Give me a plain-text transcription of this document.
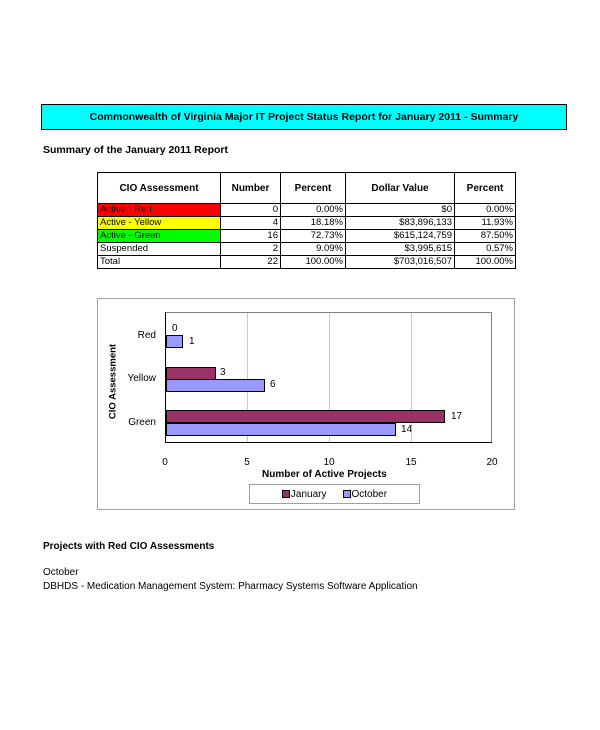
Commonwealth of Virginia Major IT Project Status Report for January 2011 - Summary
Summary of the January 2011 Report
CIO Assessment	Number	Percent	Dollar Value	Percent
Active - Red	0	0.00%	$0	0.00%
Active - Yellow	4	18.18%	$83,896,133	11.93%
Active - Green	16	72.73%	$615,124,759	87.50%
Suspended	2	9.09%	$3,995,615	0.57%
Total	22	100.00%	$703,016,507	100.00%
CIO Assessment
0
1
3
6
17
14
Red
Yellow
Green
0	5	10	15	20
Number of Active Projects
January	October
Projects with Red CIO Assessments
October
DBHDS - Medication Management System: Pharmacy Systems Software Application
